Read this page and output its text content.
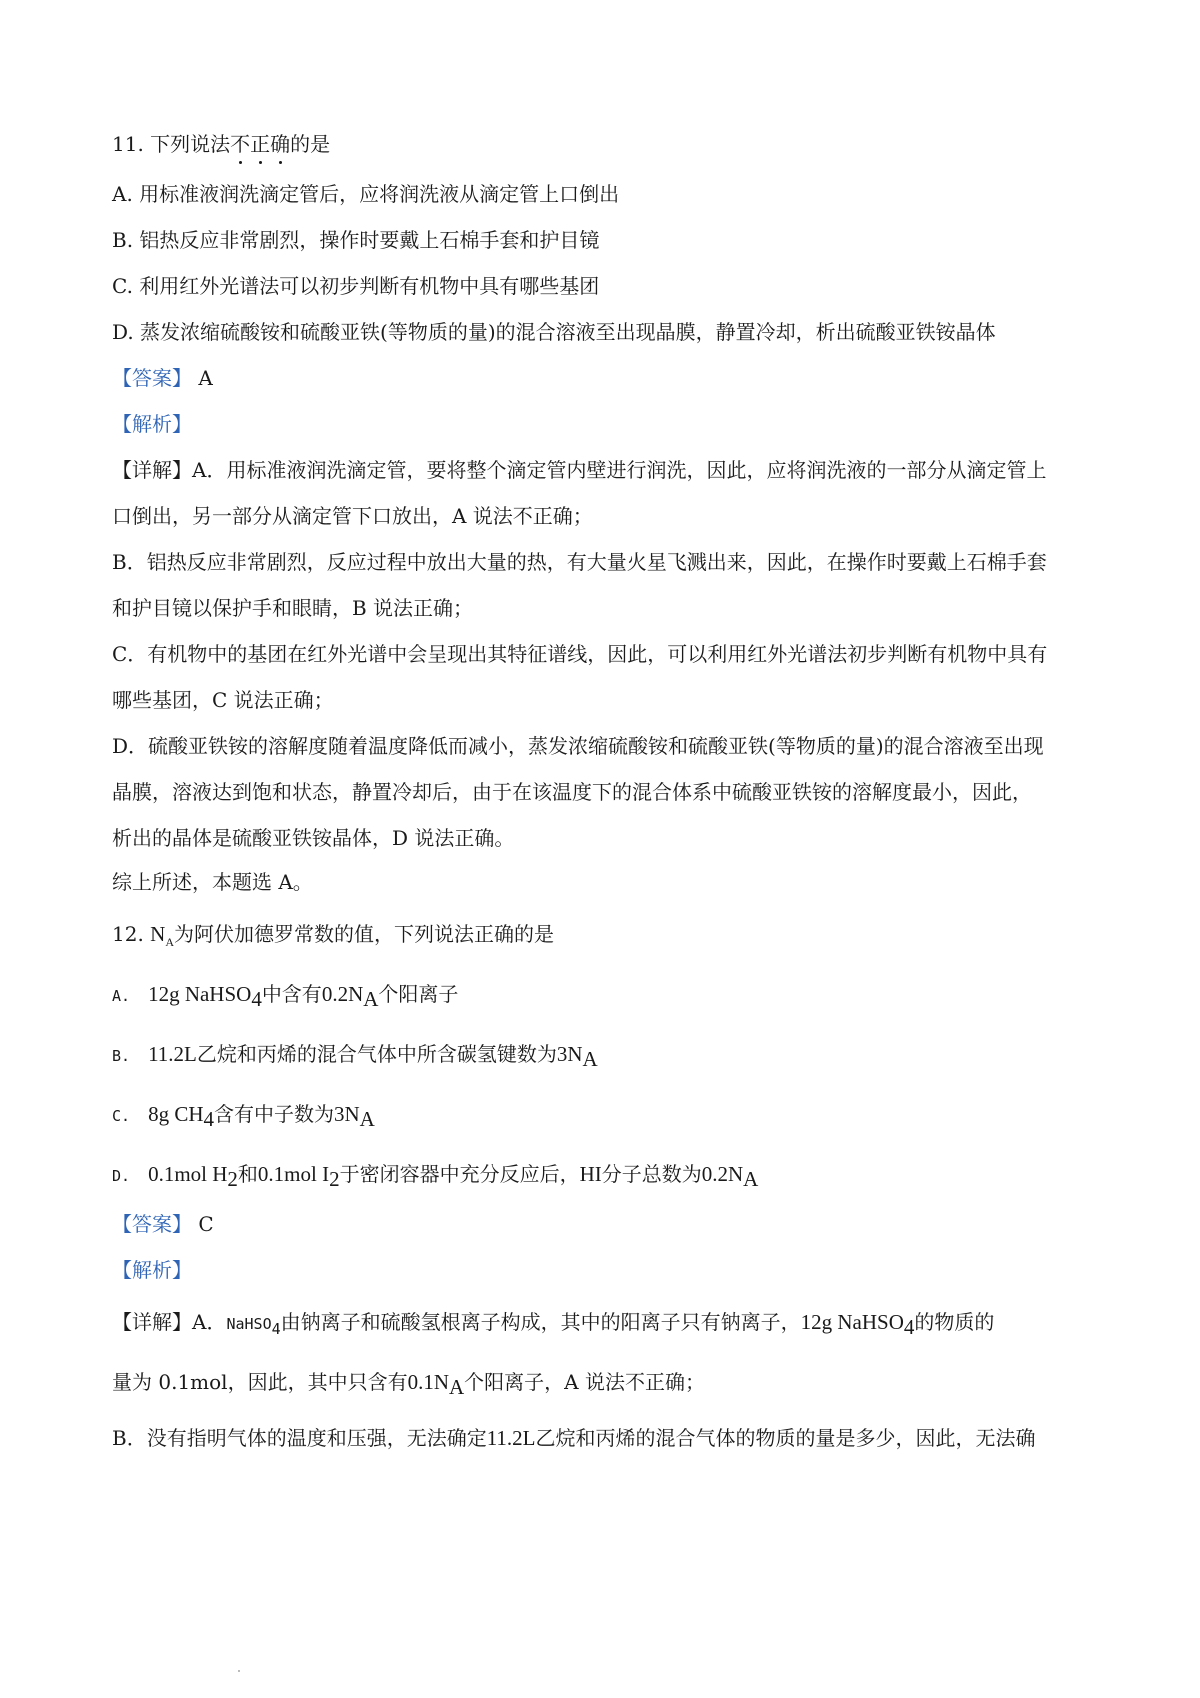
11. 下列说法不正确的是
A. 用标准液润洗滴定管后，应将润洗液从滴定管上口倒出
B. 铝热反应非常剧烈，操作时要戴上石棉手套和护目镜
C. 利用红外光谱法可以初步判断有机物中具有哪些基团
D. 蒸发浓缩硫酸铵和硫酸亚铁(等物质的量)的混合溶液至出现晶膜，静置冷却，析出硫酸亚铁铵晶体
【答案】 A
【解析】
【详解】A．用标准液润洗滴定管，要将整个滴定管内壁进行润洗，因此，应将润洗液的一部分从滴定管上
口倒出，另一部分从滴定管下口放出，A 说法不正确；
B．铝热反应非常剧烈，反应过程中放出大量的热，有大量火星飞溅出来，因此，在操作时要戴上石棉手套
和护目镜以保护手和眼睛，B 说法正确；
C．有机物中的基团在红外光谱中会呈现出其特征谱线，因此，可以利用红外光谱法初步判断有机物中具有
哪些基团，C 说法正确；
D．硫酸亚铁铵的溶解度随着温度降低而减小，蒸发浓缩硫酸铵和硫酸亚铁(等物质的量)的混合溶液至出现
晶膜，溶液达到饱和状态，静置冷却后，由于在该温度下的混合体系中硫酸亚铁铵的溶解度最小，因此，
析出的晶体是硫酸亚铁铵晶体，D 说法正确。
综上所述，本题选 A。
12. $N_A$为阿伏加德罗常数的值，下列说法正确的是
A. 12g NaHSO$_4$中含有$0.2N_A$个阳离子
B. 11.2L乙烷和丙烯的混合气体中所含碳氢键数为$3N_A$
C. 8g $CH_4$含有中子数为$3N_A$
D. 0.1mol $H_2$和0.1mol $I_2$于密闭容器中充分反应后，HI分子总数为$0.2N_A$
【答案】 C
【解析】
【详解】A．NaHSO$_4$由钠离子和硫酸氢根离子构成，其中的阳离子只有钠离子，12g NaHSO$_4$的物质的
量为 0.1mol，因此，其中只含有$0.1N_A$个阳离子，A 说法不正确；
B．没有指明气体的温度和压强，无法确定11.2L乙烷和丙烯的混合气体的物质的量是多少，因此，无法确
